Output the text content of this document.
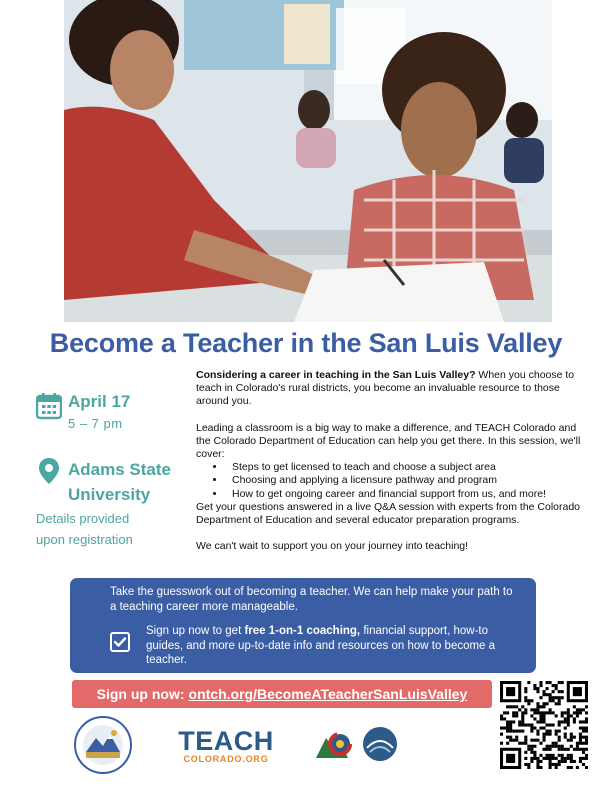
Become a Teacher in the San Luis Valley
April 17
5 – 7 pm
Adams State
University
Details provided
upon registration

Considering a career in teaching in the San Luis Valley? When you choose to teach in Colorado's rural districts, you become an invaluable resource to those around you.

Leading a classroom is a big way to make a difference, and TEACH Colorado and the Colorado Department of Education can help you get there. In this session, we'll cover:

• Steps to get licensed to teach and choose a subject area
• Choosing and applying a licensure pathway and program
• How to get ongoing career and financial support from us, and more!

Get your questions answered in a live Q&A session with experts from the Colorado Department of Education and several educator preparation programs.

We can't wait to support you on your journey into teaching!

Take the guesswork out of becoming a teacher. We can help make your path to a teaching career more manageable.
Sign up now to get free 1-on-1 coaching, financial support, how-to guides, and more up-to-date info and resources on how to become a teacher.
Sign up now: ontch.org/BecomeATeacherSanLuisValley
TEACH
COLORADO.ORG
